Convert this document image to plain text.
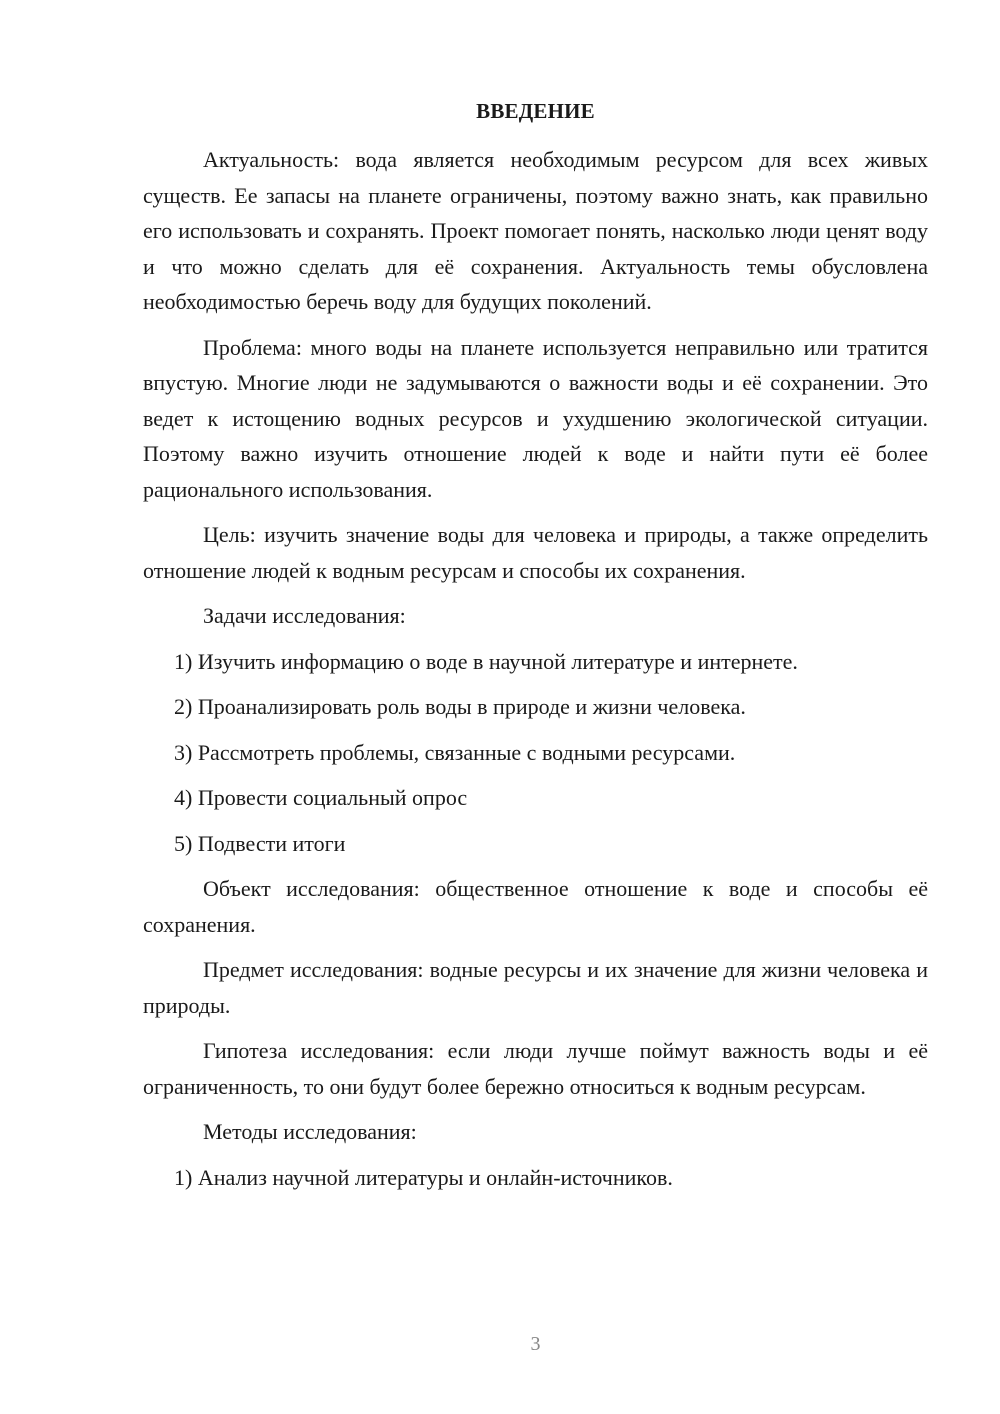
ВВЕДЕНИЕ

Актуальность: вода является необходимым ресурсом для всех живых существ. Ее запасы на планете ограничены, поэтому важно знать, как правильно его использовать и сохранять. Проект помогает понять, насколько люди ценят воду и что можно сделать для её сохранения. Актуальность темы обусловлена необходимостью беречь воду для будущих поколений.

Проблема: много воды на планете используется неправильно или тратится впустую. Многие люди не задумываются о важности воды и её сохранении. Это ведет к истощению водных ресурсов и ухудшению экологической ситуации. Поэтому важно изучить отношение людей к воде и найти пути её более рационального использования.

Цель: изучить значение воды для человека и природы, а также определить отношение людей к водным ресурсам и способы их сохранения.

Задачи исследования:
1) Изучить информацию о воде в научной литературе и интернете.
2) Проанализировать роль воды в природе и жизни человека.
3) Рассмотреть проблемы, связанные с водными ресурсами.
4) Провести социальный опрос
5) Подвести итоги

Объект исследования: общественное отношение к воде и способы её сохранения.

Предмет исследования: водные ресурсы и их значение для жизни человека и природы.

Гипотеза исследования: если люди лучше поймут важность воды и её ограниченность, то они будут более бережно относиться к водным ресурсам.

Методы исследования:
1) Анализ научной литературы и онлайн-источников.
3
